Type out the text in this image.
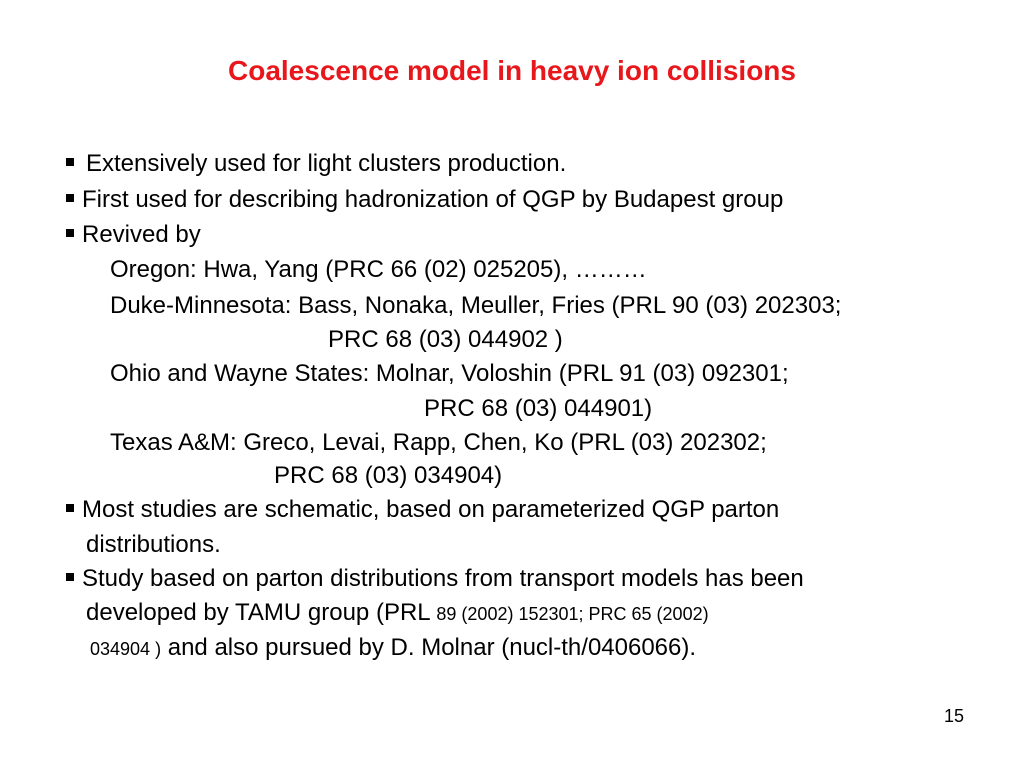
Coalescence model in heavy ion collisions
Extensively used for light clusters production.
First used for describing hadronization of QGP by Budapest group
Revived by
Oregon: Hwa, Yang (PRC 66 (02) 025205), ………
Duke-Minnesota: Bass, Nonaka, Meuller, Fries (PRL 90 (03) 202303;
PRC 68 (03) 044902 )
Ohio and Wayne States: Molnar, Voloshin (PRL 91 (03) 092301;
PRC 68 (03) 044901)
Texas A&M: Greco, Levai, Rapp, Chen, Ko (PRL (03) 202302;
PRC 68 (03) 034904)
Most studies are schematic, based on parameterized QGP parton
distributions.
Study based on parton distributions from transport models has been
developed by TAMU group (PRL 89 (2002) 152301; PRC 65 (2002)
034904 ) and also pursued by D. Molnar (nucl-th/0406066).
15
